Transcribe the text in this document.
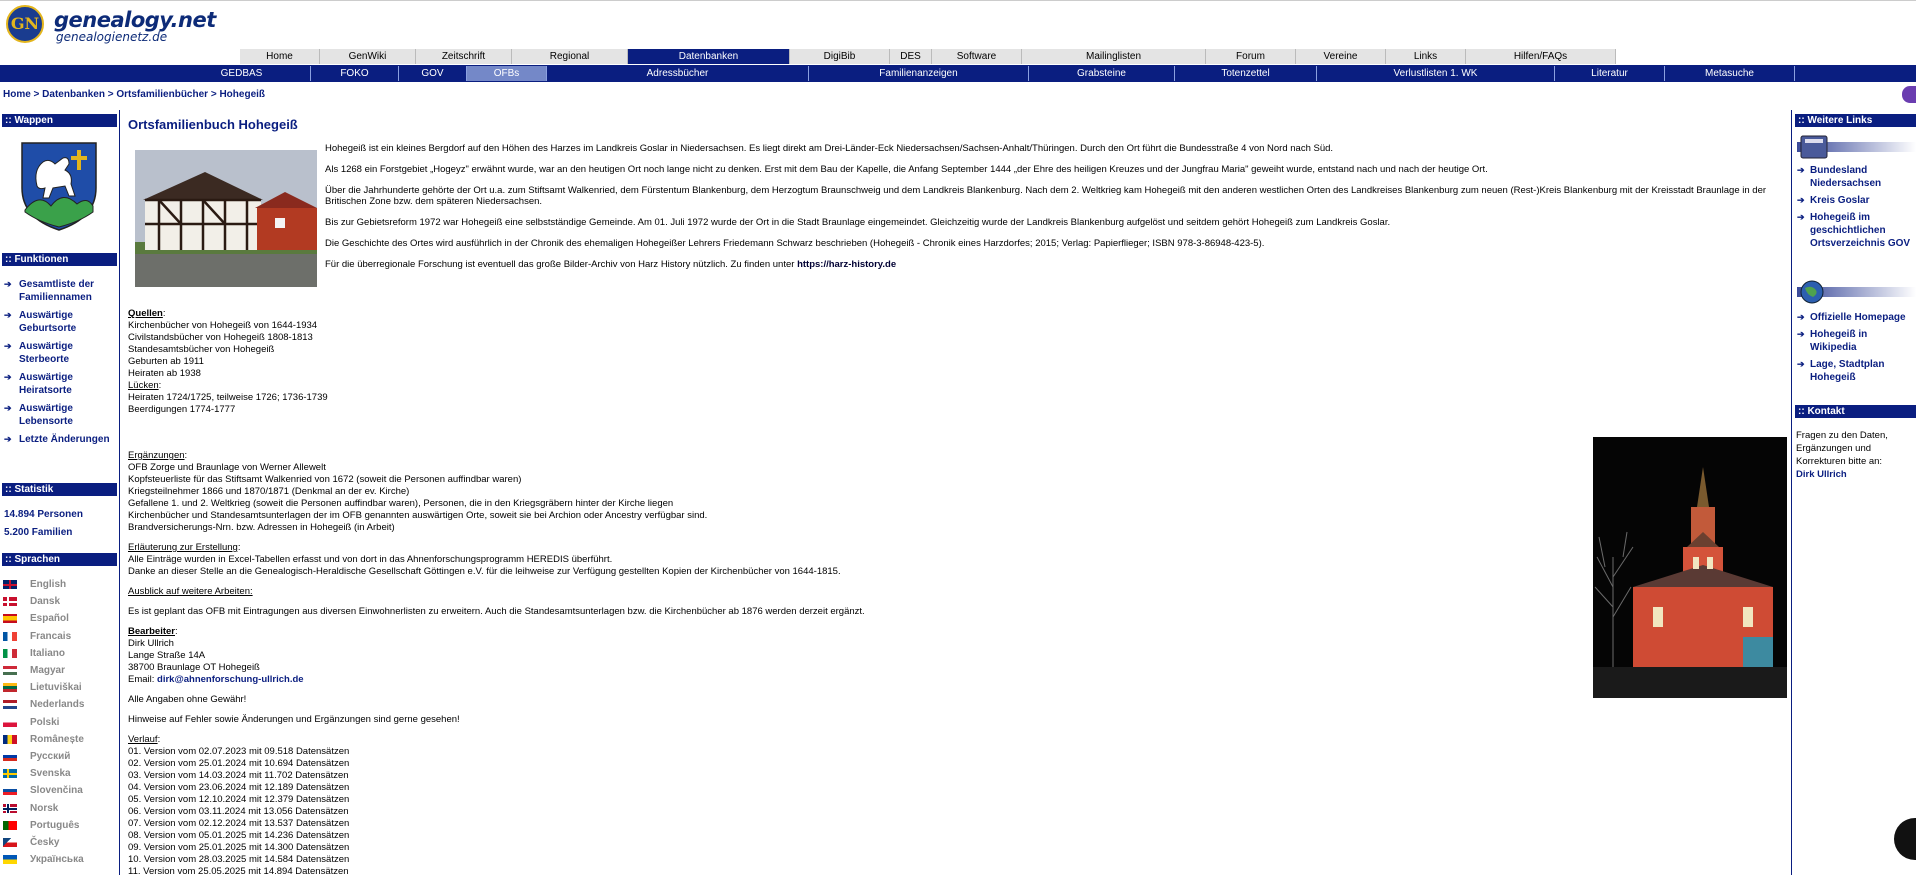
GN genealogy.net
genealogienetz.de
Home	GenWiki	Zeitschrift	Regional	Datenbanken	DigiBib	DES	Software	Mailinglisten	Forum	Vereine	Links	Hilfen/FAQs
GEDBAS	FOKO	GOV	OFBs	Adressbücher	Familienanzeigen	Grabsteine	Totenzettel	Verlustlisten 1. WK	Literatur	Metasuche
Home > Datenbanken > Ortsfamilienbücher > Hohegeiß
:: Wappen
:: Funktionen
➔ Gesamtliste der Familiennamen
➔ Auswärtige Geburtsorte
➔ Auswärtige Sterbeorte
➔ Auswärtige Heiratsorte
➔ Auswärtige Lebensorte
➔ Letzte Änderungen
:: Statistik
14.894 Personen
5.200 Familien
:: Sprachen
English
Dansk
Español
Francais
Italiano
Magyar
Lietuviškai
Nederlands
Polski
Românește
Русский
Svenska
Slovenčina
Norsk
Português
Česky
Українська
Ortsfamilienbuch Hohegeiß

Hohegeiß ist ein kleines Bergdorf auf den Höhen des Harzes im Landkreis Goslar in Niedersachsen. Es liegt direkt am Drei-Länder-Eck Niedersachsen/Sachsen-Anhalt/Thüringen. Durch den Ort führt die Bundesstraße 4 von Nord nach Süd.

Als 1268 ein Forstgebiet „Hogeyz" erwähnt wurde, war an den heutigen Ort noch lange nicht zu denken. Erst mit dem Bau der Kapelle, die Anfang September 1444 „der Ehre des heiligen Kreuzes und der Jungfrau Maria" geweiht wurde, entstand nach und nach der heutige Ort.

Über die Jahrhunderte gehörte der Ort u.a. zum Stiftsamt Walkenried, dem Fürstentum Blankenburg, dem Herzogtum Braunschweig und dem Landkreis Blankenburg. Nach dem 2. Weltkrieg kam Hohegeiß mit den anderen westlichen Orten des Landkreises Blankenburg zum neuen (Rest-)Kreis Blankenburg mit der Kreisstadt Braunlage in der Britischen Zone bzw. dem späteren Niedersachsen.

Bis zur Gebietsreform 1972 war Hohegeiß eine selbstständige Gemeinde. Am 01. Juli 1972 wurde der Ort in die Stadt Braunlage eingemeindet. Gleichzeitig wurde der Landkreis Blankenburg aufgelöst und seitdem gehört Hohegeiß zum Landkreis Goslar.

Die Geschichte des Ortes wird ausführlich in der Chronik des ehemaligen Hohegeißer Lehrers Friedemann Schwarz beschrieben (Hohegeiß - Chronik eines Harzdorfes; 2015; Verlag: Papierflieger; ISBN 978-3-86948-423-5).

Für die überregionale Forschung ist eventuell das große Bilder-Archiv von Harz History nützlich. Zu finden unter https://harz-history.de

Quellen:
Kirchenbücher von Hohegeiß von 1644-1934
Civilstandsbücher von Hohegeiß 1808-1813
Standesamtsbücher von Hohegeiß
Geburten ab 1911
Heiraten ab 1938
Lücken:
Heiraten 1724/1725, teilweise 1726; 1736-1739
Beerdigungen 1774-1777
Ergänzungen:
OFB Zorge und Braunlage von Werner Allewelt
Kopfsteuerliste für das Stiftsamt Walkenried von 1672 (soweit die Personen auffindbar waren)
Kriegsteilnehmer 1866 und 1870/1871 (Denkmal an der ev. Kirche)
Gefallene 1. und 2. Weltkrieg (soweit die Personen auffindbar waren), Personen, die in den Kriegsgräbern hinter der Kirche liegen
Kirchenbücher und Standesamtsunterlagen der im OFB genannten auswärtigen Orte, soweit sie bei Archion oder Ancestry verfügbar sind.
Brandversicherungs-Nrn. bzw. Adressen in Hohegeiß (in Arbeit)
Erläuterung zur Erstellung:
Alle Einträge wurden in Excel-Tabellen erfasst und von dort in das Ahnenforschungsprogramm HEREDIS überführt.
Danke an dieser Stelle an die Genealogisch-Heraldische Gesellschaft Göttingen e.V. für die leihweise zur Verfügung gestellten Kopien der Kirchenbücher von 1644-1815.
Ausblick auf weitere Arbeiten:
Es ist geplant das OFB mit Eintragungen aus diversen Einwohnerlisten zu erweitern. Auch die Standesamtsunterlagen bzw. die Kirchenbücher ab 1876 werden derzeit ergänzt.
Bearbeiter:
Dirk Ullrich
Lange Straße 14A
38700 Braunlage OT Hohegeiß
Email: dirk@ahnenforschung-ullrich.de
Alle Angaben ohne Gewähr!
Hinweise auf Fehler sowie Änderungen und Ergänzungen sind gerne gesehen!
Verlauf:
01. Version vom 02.07.2023 mit 09.518 Datensätzen
02. Version vom 25.01.2024 mit 10.694 Datensätzen
03. Version vom 14.03.2024 mit 11.702 Datensätzen
04. Version vom 23.06.2024 mit 12.189 Datensätzen
05. Version vom 12.10.2024 mit 12.379 Datensätzen
06. Version vom 03.11.2024 mit 13.056 Datensätzen
07. Version vom 02.12.2024 mit 13.537 Datensätzen
08. Version vom 05.01.2025 mit 14.236 Datensätzen
09. Version vom 25.01.2025 mit 14.300 Datensätzen
10. Version vom 28.03.2025 mit 14.584 Datensätzen
11. Version vom 25.05.2025 mit 14.894 Datensätzen
:: Weitere Links
➔ Bundesland Niedersachsen
➔ Kreis Goslar
➔ Hohegeiß im geschichtlichen Ortsverzeichnis GOV
➔ Offizielle Homepage
➔ Hohegeiß in Wikipedia
➔ Lage, Stadtplan Hohegeiß
:: Kontakt
Fragen zu den Daten, Ergänzungen und Korrekturen bitte an:
Dirk Ullrich
